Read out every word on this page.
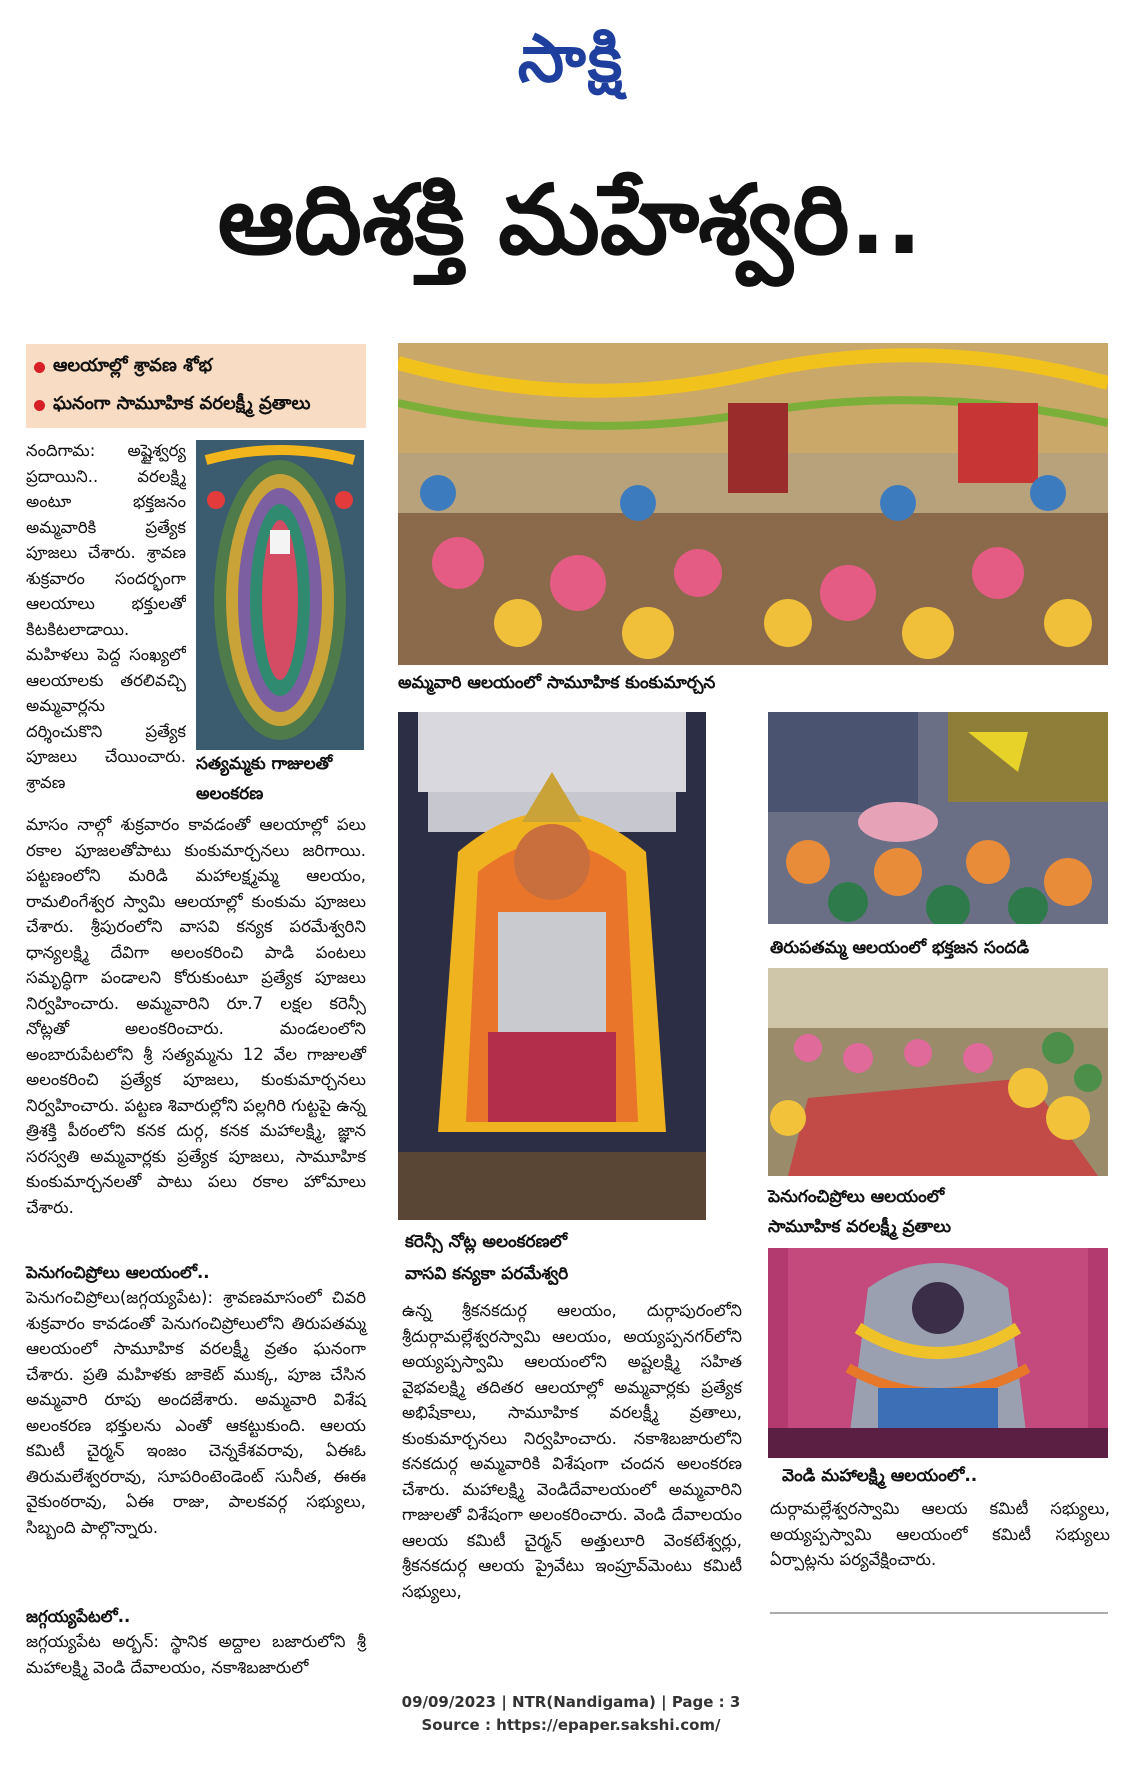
సాక్షి
ఆదిశక్తి మహేశ్వరి..
ఆలయాల్లో శ్రావణ శోభ
ఘనంగా సామూహిక వరలక్ష్మీ వ్రతాలు
సత్యమ్మకు గాజులతో
అలంకరణ
నందిగామ: అష్టైశ్వర్య ప్రదాయిని.. వరలక్ష్మి అంటూ భక్తజనం అమ్మవారికి ప్రత్యేక పూజలు చేశారు. శ్రావణ శుక్రవారం సందర్భంగా ఆలయాలు భక్తులతో కిటకిటలాడాయి. మహిళలు పెద్ద సంఖ్యలో ఆలయాలకు తరలివచ్చి అమ్మవార్లను దర్శించుకొని ప్రత్యేక పూజలు చేయించారు. శ్రావణ
మాసం నాల్గో శుక్రవారం కావడంతో ఆలయాల్లో పలు రకాల పూజలతోపాటు కుంకుమార్చనలు జరిగాయి. పట్టణంలోని మరిడి మహాలక్ష్మమ్మ ఆలయం, రామలింగేశ్వర స్వామి ఆలయాల్లో కుంకుమ పూజలు చేశారు. శ్రీపురంలోని వాసవి కన్యక పరమేశ్వరిని ధాన్యలక్ష్మి దేవిగా అలంకరించి పాడి పంటలు సమృద్ధిగా పండాలని కోరుకుంటూ ప్రత్యేక పూజలు నిర్వహించారు. అమ్మవారిని రూ.7 లక్షల కరెన్సీ నోట్లతో అలంకరించారు. మండలంలోని అంబారుపేటలోని శ్రీ సత్యమ్మను 12 వేల గాజులతో అలంకరించి ప్రత్యేక పూజలు, కుంకుమార్చనలు నిర్వహించారు. పట్టణ శివారుల్లోని పల్లగిరి గుట్టపై ఉన్న త్రిశక్తి పీఠంలోని కనక దుర్గ, కనక మహాలక్ష్మి, జ్ఞాన సరస్వతి అమ్మవార్లకు ప్రత్యేక పూజలు, సామూహిక కుంకుమార్చనలతో పాటు పలు రకాల హోమాలు చేశారు.
పెనుగంచిప్రోలు ఆలయంలో..
పెనుగంచిప్రోలు(జగ్గయ్యపేట): శ్రావణమాసంలో చివరి శుక్రవారం కావడంతో పెనుగంచిప్రోలులోని తిరుపతమ్మ ఆలయంలో సామూహిక వరలక్ష్మీ వ్రతం ఘనంగా చేశారు. ప్రతి మహిళకు జాకెట్ ముక్క, పూజ చేసిన అమ్మవారి రూపు అందజేశారు. అమ్మవారి విశేష అలంకరణ భక్తులను ఎంతో ఆకట్టుకుంది. ఆలయ కమిటీ చైర్మన్ ఇంజం చెన్నకేశవరావు, ఏఈఓ తిరుమలేశ్వరరావు, సూపరింటెండెంట్ సునీత, ఈఈ వైకుంఠరావు, ఏఈ రాజు, పాలకవర్గ సభ్యులు, సిబ్బంది పాల్గొన్నారు.
జగ్గయ్యపేటలో..
జగ్గయ్యపేట అర్బన్: స్థానిక అద్దాల బజారులోని శ్రీ మహాలక్ష్మి వెండి దేవాలయం, నకాశిబజారులో
అమ్మవారి ఆలయంలో సామూహిక కుంకుమార్చన
కరెన్సీ నోట్ల అలంకరణలో
వాసవి కన్యకా పరమేశ్వరి
ఉన్న శ్రీకనకదుర్గ ఆలయం, దుర్గాపురంలోని శ్రీదుర్గామల్లేశ్వరస్వామి ఆలయం, అయ్యప్పనగర్‌లోని అయ్యప్పస్వామి ఆలయంలోని అష్టలక్ష్మి సహిత వైభవలక్ష్మి తదితర ఆలయాల్లో అమ్మవార్లకు ప్రత్యేక అభిషేకాలు, సామూహిక వరలక్ష్మీ వ్రతాలు, కుంకుమార్చనలు నిర్వహించారు. నకాశిబజారులోని కనకదుర్గ అమ్మవారికి విశేషంగా చందన అలంకరణ చేశారు. మహాలక్ష్మి వెండిదేవాలయంలో అమ్మవారిని గాజులతో విశేషంగా అలంకరించారు. వెండి దేవాలయం ఆలయ కమిటీ చైర్మన్ అత్తులూరి వెంకటేశ్వర్లు, శ్రీకనకదుర్గ ఆలయ ప్రైవేటు ఇంప్రూవ్‌మెంటు కమిటీ సభ్యులు,
తిరుపతమ్మ ఆలయంలో భక్తజన సందడి
పెనుగంచిప్రోలు ఆలయంలో
సామూహిక వరలక్ష్మీ వ్రతాలు
వెండి మహాలక్ష్మి ఆలయంలో..
దుర్గామల్లేశ్వరస్వామి ఆలయ కమిటీ సభ్యులు, అయ్యప్పస్వామి ఆలయంలో కమిటీ సభ్యులు ఏర్పాట్లను పర్యవేక్షించారు.
09/09/2023 | NTR(Nandigama) | Page : 3
Source : https://epaper.sakshi.com/
